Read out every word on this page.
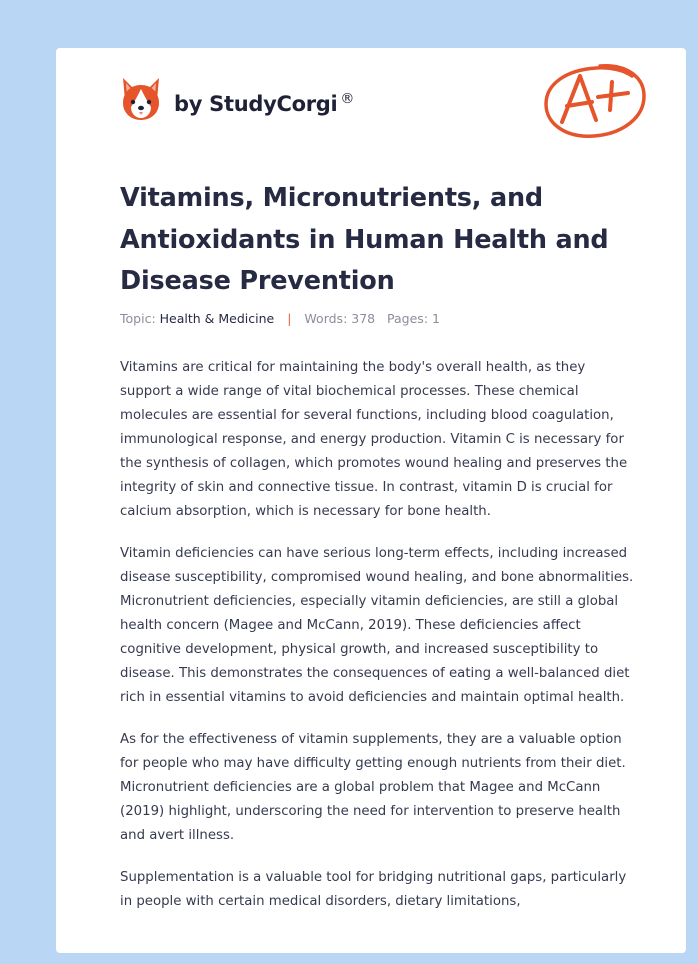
by StudyCorgi ®
Vitamins, Micronutrients, and Antioxidants in Human Health and Disease Prevention
Topic: Health & Medicine | Words: 378 Pages: 1

Vitamins are critical for maintaining the body's overall health, as they support a wide range of vital biochemical processes. These chemical molecules are essential for several functions, including blood coagulation, immunological response, and energy production. Vitamin C is necessary for the synthesis of collagen, which promotes wound healing and preserves the integrity of skin and connective tissue. In contrast, vitamin D is crucial for calcium absorption, which is necessary for bone health.

Vitamin deficiencies can have serious long-term effects, including increased disease susceptibility, compromised wound healing, and bone abnormalities. Micronutrient deficiencies, especially vitamin deficiencies, are still a global health concern (Magee and McCann, 2019). These deficiencies affect cognitive development, physical growth, and increased susceptibility to disease. This demonstrates the consequences of eating a well-balanced diet rich in essential vitamins to avoid deficiencies and maintain optimal health.

As for the effectiveness of vitamin supplements, they are a valuable option for people who may have difficulty getting enough nutrients from their diet. Micronutrient deficiencies are a global problem that Magee and McCann (2019) highlight, underscoring the need for intervention to preserve health and avert illness.

Supplementation is a valuable tool for bridging nutritional gaps, particularly in people with certain medical disorders, dietary limitations,
